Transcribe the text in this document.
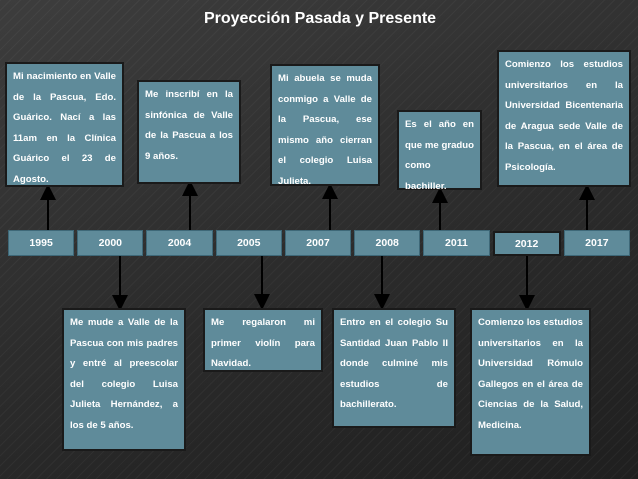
Proyección Pasada y Presente
Mi nacimiento en Valle de la Pascua, Edo. Guárico. Nací a las 11am en la Clínica Guárico el 23 de Agosto.
Me inscribí en la sinfónica de Valle de la Pascua a los 9 años.
Mi abuela se muda conmigo a Valle de la Pascua, ese mismo año cierran el colegio Luisa Julieta.
Es el año en que me graduo como bachiller.
Comienzo los estudios universitarios en la Universidad Bicentenaria de Aragua sede Valle de la Pascua, en el área de Psicología.
1995	2000	2004	2005	2007	2008	2011	2012	2017
Me mude a Valle de la Pascua con mis padres y entré al preescolar del colegio Luisa Julieta Hernández, a los de 5 años.
Me regalaron mi primer violín para Navidad.
Entro en el colegio Su Santidad Juan Pablo II donde culminé mis estudios de bachillerato.
Comienzo los estudios universitarios en la Universidad Rómulo Gallegos en el área de Ciencias de la Salud, Medicina.
